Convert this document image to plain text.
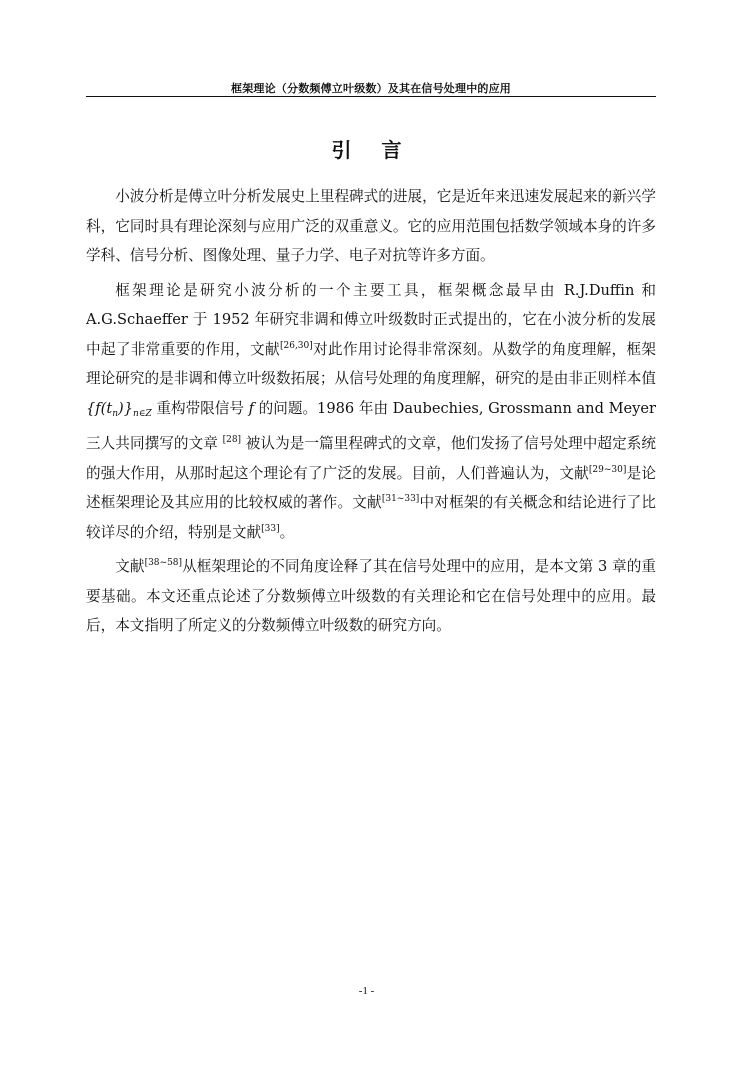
框架理论（分数频傅立叶级数）及其在信号处理中的应用
引 言

小波分析是傅立叶分析发展史上里程碑式的进展，它是近年来迅速发展起来的新兴学科，它同时具有理论深刻与应用广泛的双重意义。它的应用范围包括数学领域本身的许多学科、信号分析、图像处理、量子力学、电子对抗等许多方面。

框架理论是研究小波分析的一个主要工具，框架概念最早由 R.J.Duffin 和 A.G.Schaeffer 于 1952 年研究非调和傅立叶级数时正式提出的，它在小波分析的发展中起了非常重要的作用，文献[26,30]对此作用讨论得非常深刻。从数学的角度理解，框架理论研究的是非调和傅立叶级数拓展；从信号处理的角度理解，研究的是由非正则样本值$\{f(t_n)\}_{n\in Z}$ 重构带限信号 f 的问题。1986 年由 Daubechies, Grossmann and Meyer 三人共同撰写的文章 [28] 被认为是一篇里程碑式的文章，他们发扬了信号处理中超定系统的强大作用，从那时起这个理论有了广泛的发展。目前，人们普遍认为，文献[29~30]是论述框架理论及其应用的比较权威的著作。文献[31~33]中对框架的有关概念和结论进行了比较详尽的介绍，特别是文献[33]。

文献[38~58]从框架理论的不同角度诠释了其在信号处理中的应用，是本文第 3 章的重要基础。本文还重点论述了分数频傅立叶级数的有关理论和它在信号处理中的应用。最后，本文指明了所定义的分数频傅立叶级数的研究方向。

-1 -
